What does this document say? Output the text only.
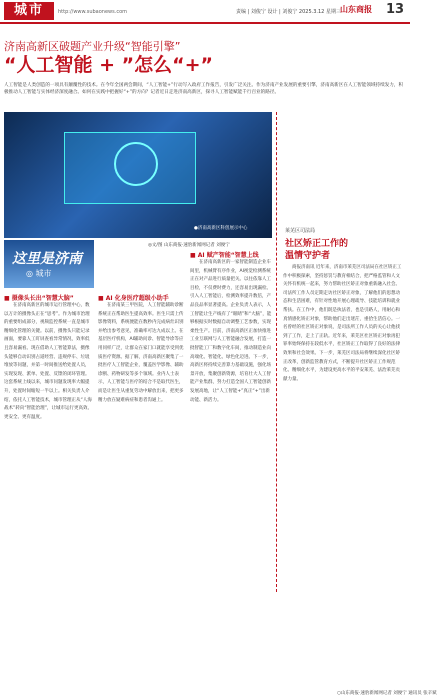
城市	http://www.subaonews.com	责编 | 刘俊宁 设计 | 刘俊宁 2025.3.12 星期三 山东商报 13
济南高新区破题产业升级“智能引擎”
“人工智能 + ”怎么“+”
人工智能是人类创造的一项具有颠覆性的技术。在今年全国两会期间，“人工智能+”行动写入政府工作报告，引发广泛关注。作为济南产业发展的重要引擎，济南高新区在人工智能领域持续发力，积极推动人工智能与实体经济深度融合。如何在实践中把握好“+”的方向？记者近日走进济南高新区，探寻人工智能赋能千行百业的路径。
●济南高新区科创展示中心	莱芜区司法局
社区矫正工作的
温情守护者
商报济南讯 近年来，济南市莱芜区司法局在社区矫正工作中积极探索，坚持惩罚与教育相结合，把严格监管和人文关怀有机统一起来，努力帮助社区矫正对象重新融入社会。司法所工作人员定期走访社区矫正对象，了解他们的思想动态和生活困难，有针对性地开展心理疏导、技能培训和就业帮扶。在工作中，他们既是执法者，也是引路人，用耐心和真情感化矫正对象，帮助他们走出迷茫，重拾生活信心。一名曾经的社区矫正对象说，是司法所工作人员的关心让他找到了工作，走上了正轨。近年来，莱芜区社区矫正对象再犯罪率始终保持在较低水平，社区矫正工作取得了良好的法律效果和社会效果。下一步，莱芜区司法局将继续深化社区矫正改革，创新监管教育方式，不断提升社区矫正工作规范化、精细化水平，为建设更高水平的平安莱芜、法治莱芜贡献力量。
○山东商报·速豹新闻网记者 刘俊宁 通讯员 张辛斌
◎文/图 山东商报·速豹新闻网记者 刘俊宁
这里是济南
◎ 城市
■ 摄像头长出“智慧大脑”
在济南高新区的城市运行管理中心，数以万计的摄像头正在“思考”。作为城市治理的重要组成部分，视频监控系统一直是城市精细化管理的关键。以前，摄像头只能记录画面，要靠人工盯屏查看异常情况，效率低且容易漏看。现在借助人工智能算法，摄像头能够自动识别占道经营、违规停车、垃圾堆放等问题，并第一时间推送给处置人员，实现发现、派单、处置、反馈的闭环管理。这套系统上线以来，城市问题发现率大幅提升，处置时间缩短一半以上。相关负责人介绍，依托人工智能技术，城市管理正从“人海战术”转向“智能治理”，让城市运行更高效、更安全、更有温度。
■ AI 化身医疗超级小助手
在济南某三甲医院，人工智能辅助诊断系统正在帮助医生提高效率。医生只需上传影像资料，系统便能在数秒内完成病灶识别并给出参考意见，准确率可达九成以上。在基层医疗机构，AI辅助问诊、智能导诊等应用同样广泛，让群众在家门口就能享受到优质医疗资源。据了解，济南高新区聚集了一批医疗人工智能企业，覆盖医学影像、辅助诊断、药物研发等多个领域。业内人士表示，人工智能与医疗的结合不是取代医生，而是让医生从重复劳动中解放出来，把更多精力放在疑难病症和患者沟通上。
■ AI 赋产智能“智慧上线
在济南高新区的一家智能制造企业车间里，机械臂有序作业，AI视觉检测系统正在对产品进行质量把关。以往依靠人工目检，不仅费时费力，还容易出现漏检。引入人工智能后，检测效率提升数倍，产品良品率显著提高。企业负责人表示，人工智能让生产线有了“眼睛”和“大脑”，能够根据实时数据自动调整工艺参数，实现柔性生产。目前，济南高新区正加快推进工业互联网与人工智能融合发展，打造一批智能工厂和数字化车间，推动制造业向高端化、智能化、绿色化迈进。下一步，高新区将持续完善算力基础设施，强化场景开放，集聚创新资源，培育壮大人工智能产业集群，努力打造全国人工智能创新发展高地，让“人工智能+”真正“+”出新动能、新活力。
